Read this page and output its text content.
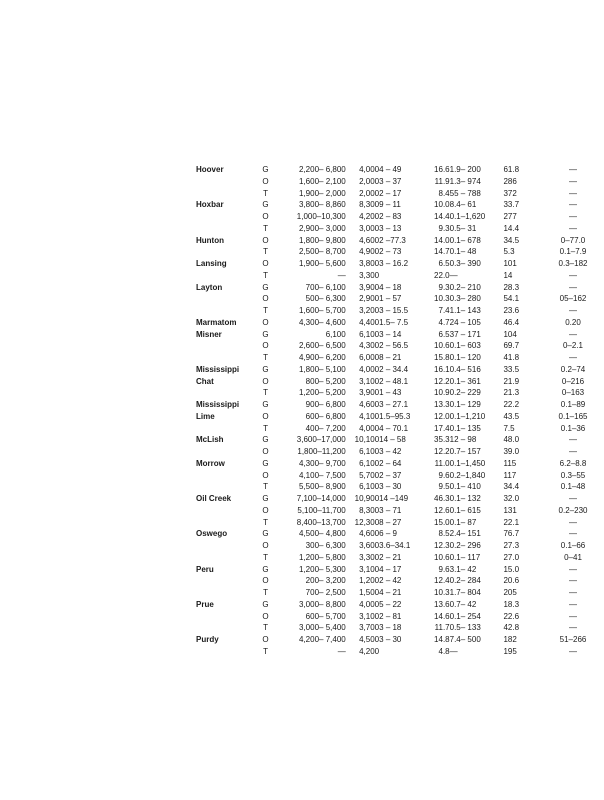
Hoover	G	2,200– 6,800	4,000	4 – 49	16.6	1.9– 200	61.8	—
	O	1,600– 2,100	2,000	3 – 37	11.9	1.3– 974	286	—
	T	1,900– 2,000	2,000	2 – 17	8.4	55 – 788	372	—
Hoxbar	G	3,800– 8,860	8,300	9 – 11	10.0	8.4– 61	33.7	—
	O	1,000–10,300	4,200	2 – 83	14.4	0.1–1,620	277	—
	T	2,900– 3,000	3,000	3 – 13	9.3	0.5– 31	14.4	—
Hunton	O	1,800– 9,800	4,600	2 –77.3	14.0	0.1– 678	34.5	0–77.0
	T	2,500– 8,700	4,900	2 – 73	14.7	0.1– 48	5.3	0.1–7.9
Lansing	O	1,900– 5,600	3,800	3 – 16.2	6.5	0.3– 390	101	0.3–182
	T	—	3,300		22.0	—	14	—
Layton	G	700– 6,100	3,900	4 – 18	9.3	0.2– 210	28.3	—
	O	500– 6,300	2,900	1 – 57	10.3	0.3– 280	54.1	05–162
	T	1,600– 5,700	3,200	3 – 15.5	7.4	1.1– 143	23.6	—
Marmatom	O	4,300– 4,600	4,400	1.5– 7.5	4.7	24 – 105	46.4	0.20
Misner	G	6,100	6,100	3 – 14	6.5	37 – 171	104	—
	O	2,600– 6,500	4,300	2 – 56.5	10.6	0.1– 603	69.7	0–2.1
	T	4,900– 6,200	6,000	8 – 21	15.8	0.1– 120	41.8	—
Mississippi	G	1,800– 5,100	4,000	2 – 34.4	16.1	0.4– 516	33.5	0.2–74
Chat	O	800– 5,200	3,100	2 – 48.1	12.2	0.1– 361	21.9	0–216
	T	1,200– 5,200	3,900	1 – 43	10.9	0.2– 229	21.3	0–163
Mississippi	G	900– 6,800	4,600	3 – 27.1	13.3	0.1– 129	22.2	0.1–89
Lime	O	600– 6,800	4,100	1.5–95.3	12.0	0.1–1,210	43.5	0.1–165
	T	400– 7,200	4,000	4 – 70.1	17.4	0.1– 135	7.5	0.1–36
McLish	G	3,600–17,000	10,100	14 – 58	35.3	12 – 98	48.0	—
	O	1,800–11,200	6,100	3 – 42	12.2	0.7– 157	39.0	—
Morrow	G	4,300– 9,700	6,100	2 – 64	11.0	0.1–1,450	115	6.2–8.8
	O	4,100– 7,500	5,700	2 – 37	9.6	0.2–1,840	117	0.3–55
	T	5,500– 8,900	6,100	3 – 30	9.5	0.1– 410	34.4	0.1–48
Oil Creek	G	7,100–14,000	10,900	14 –149	46.3	0.1– 132	32.0	—
	O	5,100–11,700	8,300	3 – 71	12.6	0.1– 615	131	0.2–230
	T	8,400–13,700	12,300	8 – 27	15.0	0.1– 87	22.1	—
Oswego	G	4,500– 4,800	4,600	6 – 9	8.5	2.4– 151	76.7	—
	O	300– 6,300	3,600	3.6–34.1	12.3	0.2– 296	27.3	0.1–66
	T	1,200– 5,800	3,300	2 – 21	10.6	0.1– 117	27.0	0–41
Peru	G	1,200– 5,300	3,100	4 – 17	9.6	3.1– 42	15.0	—
	O	200– 3,200	1,200	2 – 42	12.4	0.2– 284	20.6	—
	T	700– 2,500	1,500	4 – 21	10.3	1.7– 804	205	—
Prue	G	3,000– 8,800	4,000	5 – 22	13.6	0.7– 42	18.3	—
	O	600– 5,700	3,100	2 – 81	14.6	0.1– 254	22.6	—
	T	3,000– 5,400	3,700	3 – 18	11.7	0.5– 133	42.8	—
Purdy	O	4,200– 7,400	4,500	3 – 30	14.8	7.4– 500	182	51–266
	T	—	4,200		4.8	—	195	—
